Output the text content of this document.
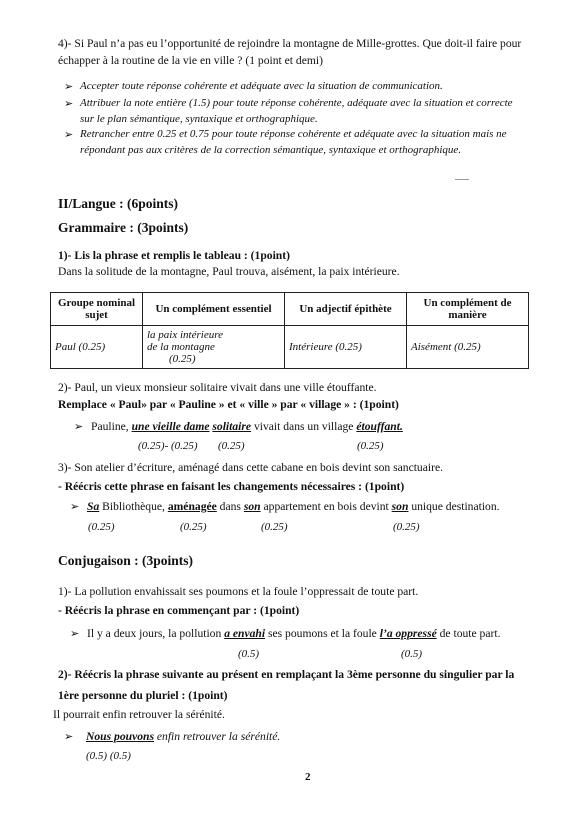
4)- Si Paul n’a pas eu l’opportunité de rejoindre la montagne de Mille-grottes. Que doit-il faire pour
échapper à la routine de la vie en ville ? (1 point et demi)
➢ Accepter toute réponse cohérente et adéquate avec la situation de communication.
➢ Attribuer la note entière (1.5) pour toute réponse cohérente, adéquate avec la situation et correcte
sur le plan sémantique, syntaxique et orthographique.
➢ Retrancher entre 0.25 et 0.75 pour toute réponse cohérente et adéquate avec la situation mais ne
répondant pas aux critères de la correction sémantique, syntaxique et orthographique.
II/Langue : (6points)
Grammaire : (3points)
1)- Lis la phrase et remplis le tableau : (1point)
Dans la solitude de la montagne, Paul trouva, aisément, la paix intérieure.
Groupe nominal sujet	Un complément essentiel	Un adjectif épithète	Un complément de manière
Paul (0.25)	la paix intérieure
de la montagne
(0.25)	Intérieure (0.25)	Aisément (0.25)
2)- Paul, un vieux monsieur solitaire vivait dans une ville étouffante.
Remplace « Paul» par « Pauline » et « ville » par « village » : (1point)
➢ Pauline, une vieille dame solitaire vivait dans un village étouffant.
(0.25)- (0.25) (0.25)	(0.25)
3)- Son atelier d’écriture, aménagé dans cette cabane en bois devint son sanctuaire.
- Réécris cette phrase en faisant les changements nécessaires : (1point)
➢ Sa Bibliothèque, aménagée dans son appartement en bois devint son unique destination.
(0.25)	(0.25)	(0.25)	(0.25)
Conjugaison : (3points)
1)- La pollution envahissait ses poumons et la foule l’oppressait de toute part.
- Réécris la phrase en commençant par : (1point)
➢ Il y a deux jours, la pollution a envahi ses poumons et la foule l’a oppressé de toute part.
(0.5)	(0.5)
2)- Réécris la phrase suivante au présent en remplaçant la 3ème personne du singulier par la
1ère personne du pluriel : (1point)
Il pourrait enfin retrouver la sérénité.
➢ Nous pouvons enfin retrouver la sérénité.
(0.5) (0.5)
2
